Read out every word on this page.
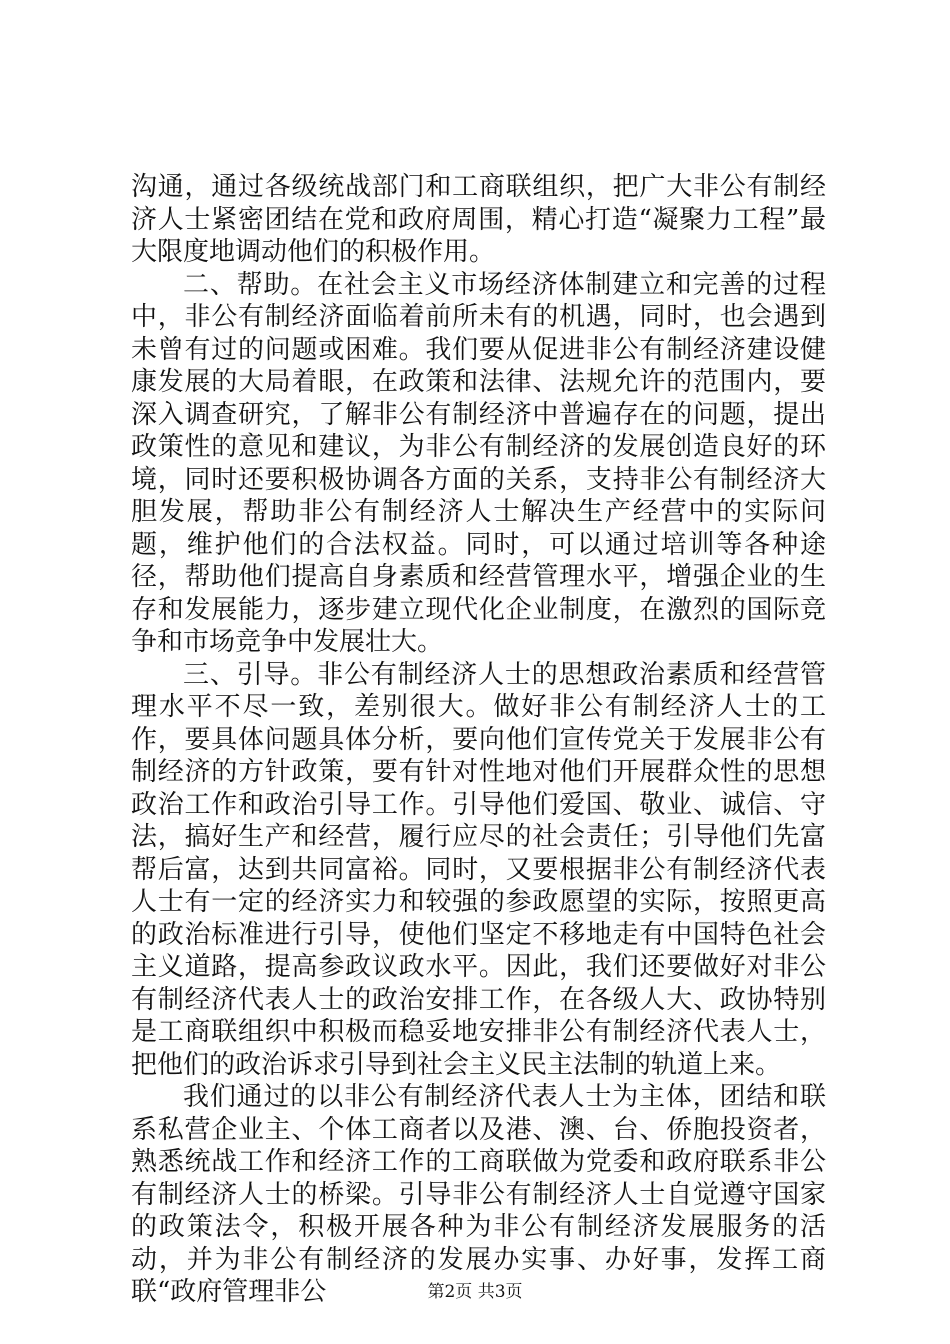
沟通，通过各级统战部门和工商联组织，把广大非公有制经济人士紧密团结在党和政府周围，精心打造“凝聚力工程”最大限度地调动他们的积极作用。

二、帮助。在社会主义市场经济体制建立和完善的过程中，非公有制经济面临着前所未有的机遇，同时，也会遇到未曾有过的问题或困难。我们要从促进非公有制经济建设健康发展的大局着眼，在政策和法律、法规允许的范围内，要深入调查研究，了解非公有制经济中普遍存在的问题，提出政策性的意见和建议，为非公有制经济的发展创造良好的环境，同时还要积极协调各方面的关系，支持非公有制经济大胆发展，帮助非公有制经济人士解决生产经营中的实际问题，维护他们的合法权益。同时，可以通过培训等各种途径，帮助他们提高自身素质和经营管理水平，增强企业的生存和发展能力，逐步建立现代化企业制度，在激烈的国际竞争和市场竞争中发展壮大。

三、引导。非公有制经济人士的思想政治素质和经营管理水平不尽一致，差别很大。做好非公有制经济人士的工作，要具体问题具体分析，要向他们宣传党关于发展非公有制经济的方针政策，要有针对性地对他们开展群众性的思想政治工作和政治引导工作。引导他们爱国、敬业、诚信、守法，搞好生产和经营，履行应尽的社会责任；引导他们先富帮后富，达到共同富裕。同时，又要根据非公有制经济代表人士有一定的经济实力和较强的参政愿望的实际，按照更高的政治标准进行引导，使他们坚定不移地走有中国特色社会主义道路，提高参政议政水平。因此，我们还要做好对非公有制经济代表人士的政治安排工作，在各级人大、政协特别是工商联组织中积极而稳妥地安排非公有制经济代表人士，把他们的政治诉求引导到社会主义民主法制的轨道上来。

我们通过的以非公有制经济代表人士为主体，团结和联系私营企业主、个体工商者以及港、澳、台、侨胞投资者，熟悉统战工作和经济工作的工商联做为党委和政府联系非公有制经济人士的桥梁。引导非公有制经济人士自觉遵守国家的政策法令，积极开展各种为非公有制经济发展服务的活动，并为非公有制经济的发展办实事、办好事，发挥工商联“政府管理非公	第2页 共3页
